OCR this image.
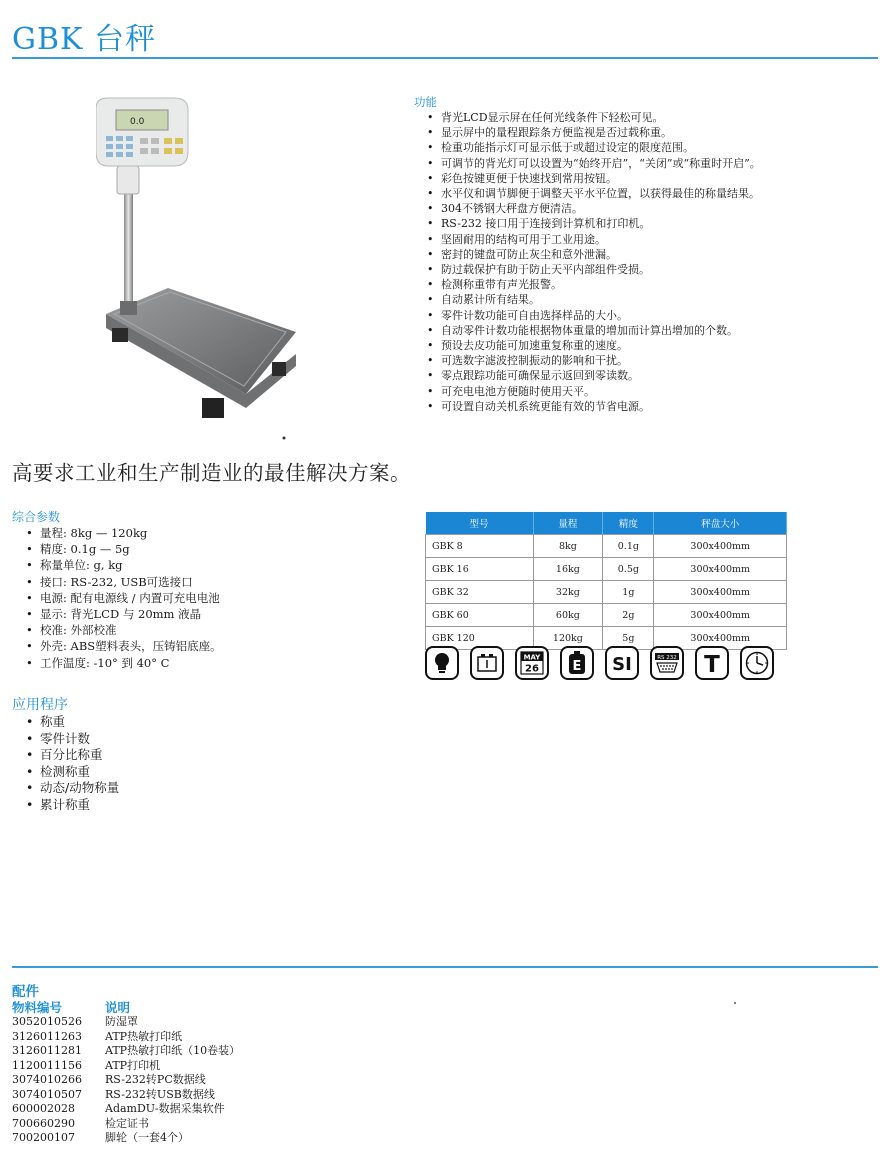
GBK 台秤
0.0
功能
• 背光LCD显示屏在任何光线条件下轻松可见。
• 显示屏中的量程跟踪条方便监视是否过载称重。
• 检重功能指示灯可显示低于或超过设定的限度范围。
• 可调节的背光灯可以设置为“始终开启”，“关闭”或“称重时开启”。
• 彩色按键更便于快速找到常用按钮。
• 水平仪和调节脚便于调整天平水平位置，以获得最佳的称量结果。
• 304不锈钢大秤盘方便清洁。
• RS-232 接口用于连接到计算机和打印机。
• 坚固耐用的结构可用于工业用途。
• 密封的键盘可防止灰尘和意外泄漏。
• 防过载保护有助于防止天平内部组件受损。
• 检测称重带有声光报警。
• 自动累计所有结果。
• 零件计数功能可自由选择样品的大小。
• 自动零件计数功能根据物体重量的增加而计算出增加的个数。
• 预设去皮功能可加速重复称重的速度。
• 可选数字滤波控制振动的影响和干扰。
• 零点跟踪功能可确保显示返回到零读数。
• 可充电电池方便随时使用天平。
• 可设置自动关机系统更能有效的节省电源。
高要求工业和生产制造业的最佳解决方案。
综合参数
• 量程: 8kg — 120kg
• 精度: 0.1g — 5g
• 称量单位: g, kg
• 接口: RS-232, USB可选接口
• 电源: 配有电源线 / 内置可充电电池
• 显示: 背光LCD 与 20mm 液晶
• 校准: 外部校准
• 外壳: ABS塑料表头，压铸铝底座。
• 工作温度: -10° 到 40° C
型号	量程	精度	秤盘大小
GBK 8	8kg	0.1g	300x400mm
GBK 16	16kg	0.5g	300x400mm
GBK 32	32kg	1g	300x400mm
GBK 60	60kg	2g	300x400mm
GBK 120	120kg	5g	300x400mm
MAY
26	E SI	RS 232 T
应用程序
• 称重
• 零件计数
• 百分比称重
• 检测称重
• 动态/动物称量
• 累计称重
配件
物料编号	说明
3052010526	防湿罩
3126011263	ATP热敏打印纸
3126011281	ATP热敏打印纸（10卷装）
1120011156	ATP打印机
3074010266	RS-232转PC数据线
3074010507	RS-232转USB数据线
600002028	AdamDU-数据采集软件
700660290	检定证书
700200107	脚轮（一套4个）
